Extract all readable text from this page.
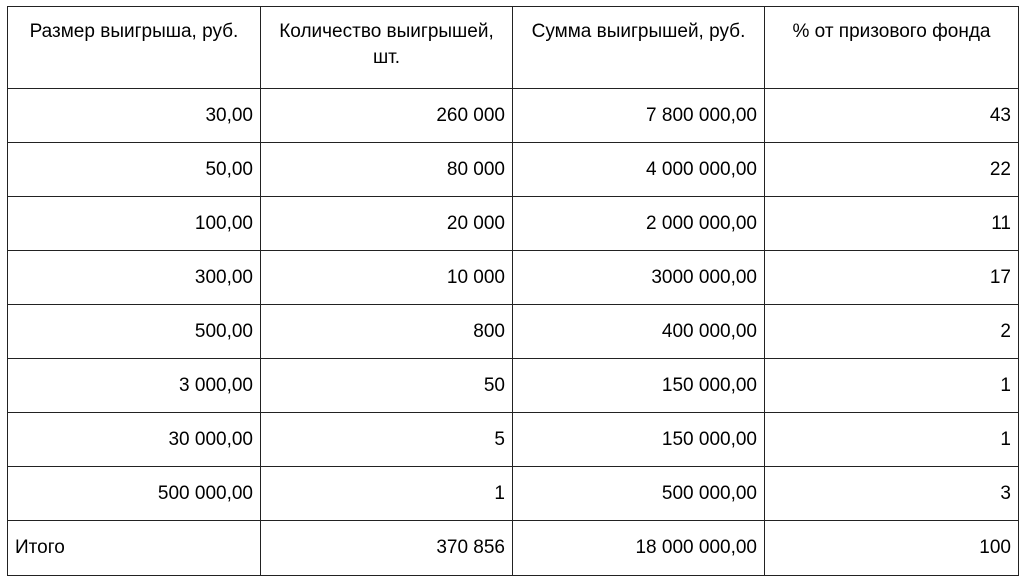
Размер выигрыша, руб.	Количество выигрышей, шт.	Сумма выигрышей, руб.	% от призового фонда
30,00	260 000	7 800 000,00	43
50,00	80 000	4 000 000,00	22
100,00	20 000	2 000 000,00	11
300,00	10 000	3000 000,00	17
500,00	800	400 000,00	2
3 000,00	50	150 000,00	1
30 000,00	5	150 000,00	1
500 000,00	1	500 000,00	3
Итого	370 856	18 000 000,00	100
